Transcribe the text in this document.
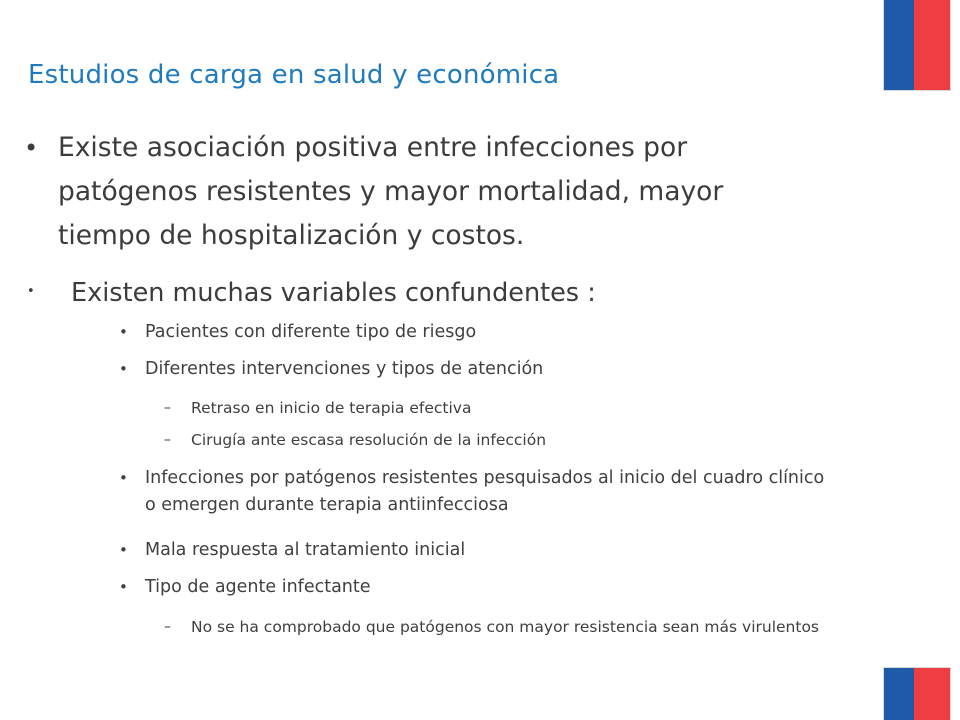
Estudios de carga en salud y económica
• Existe asociación positiva entre infecciones por patógenos resistentes y mayor mortalidad, mayor tiempo de hospitalización y costos.
• Existen muchas variables confundentes :
• Pacientes con diferente tipo de riesgo
• Diferentes intervenciones y tipos de atención
– Retraso en inicio de terapia efectiva
– Cirugía ante escasa resolución de la infección
• Infecciones por patógenos resistentes pesquisados al inicio del cuadro clínico o emergen durante terapia antiinfecciosa
• Mala respuesta al tratamiento inicial
• Tipo de agente infectante
– No se ha comprobado que patógenos con mayor resistencia sean más virulentos
